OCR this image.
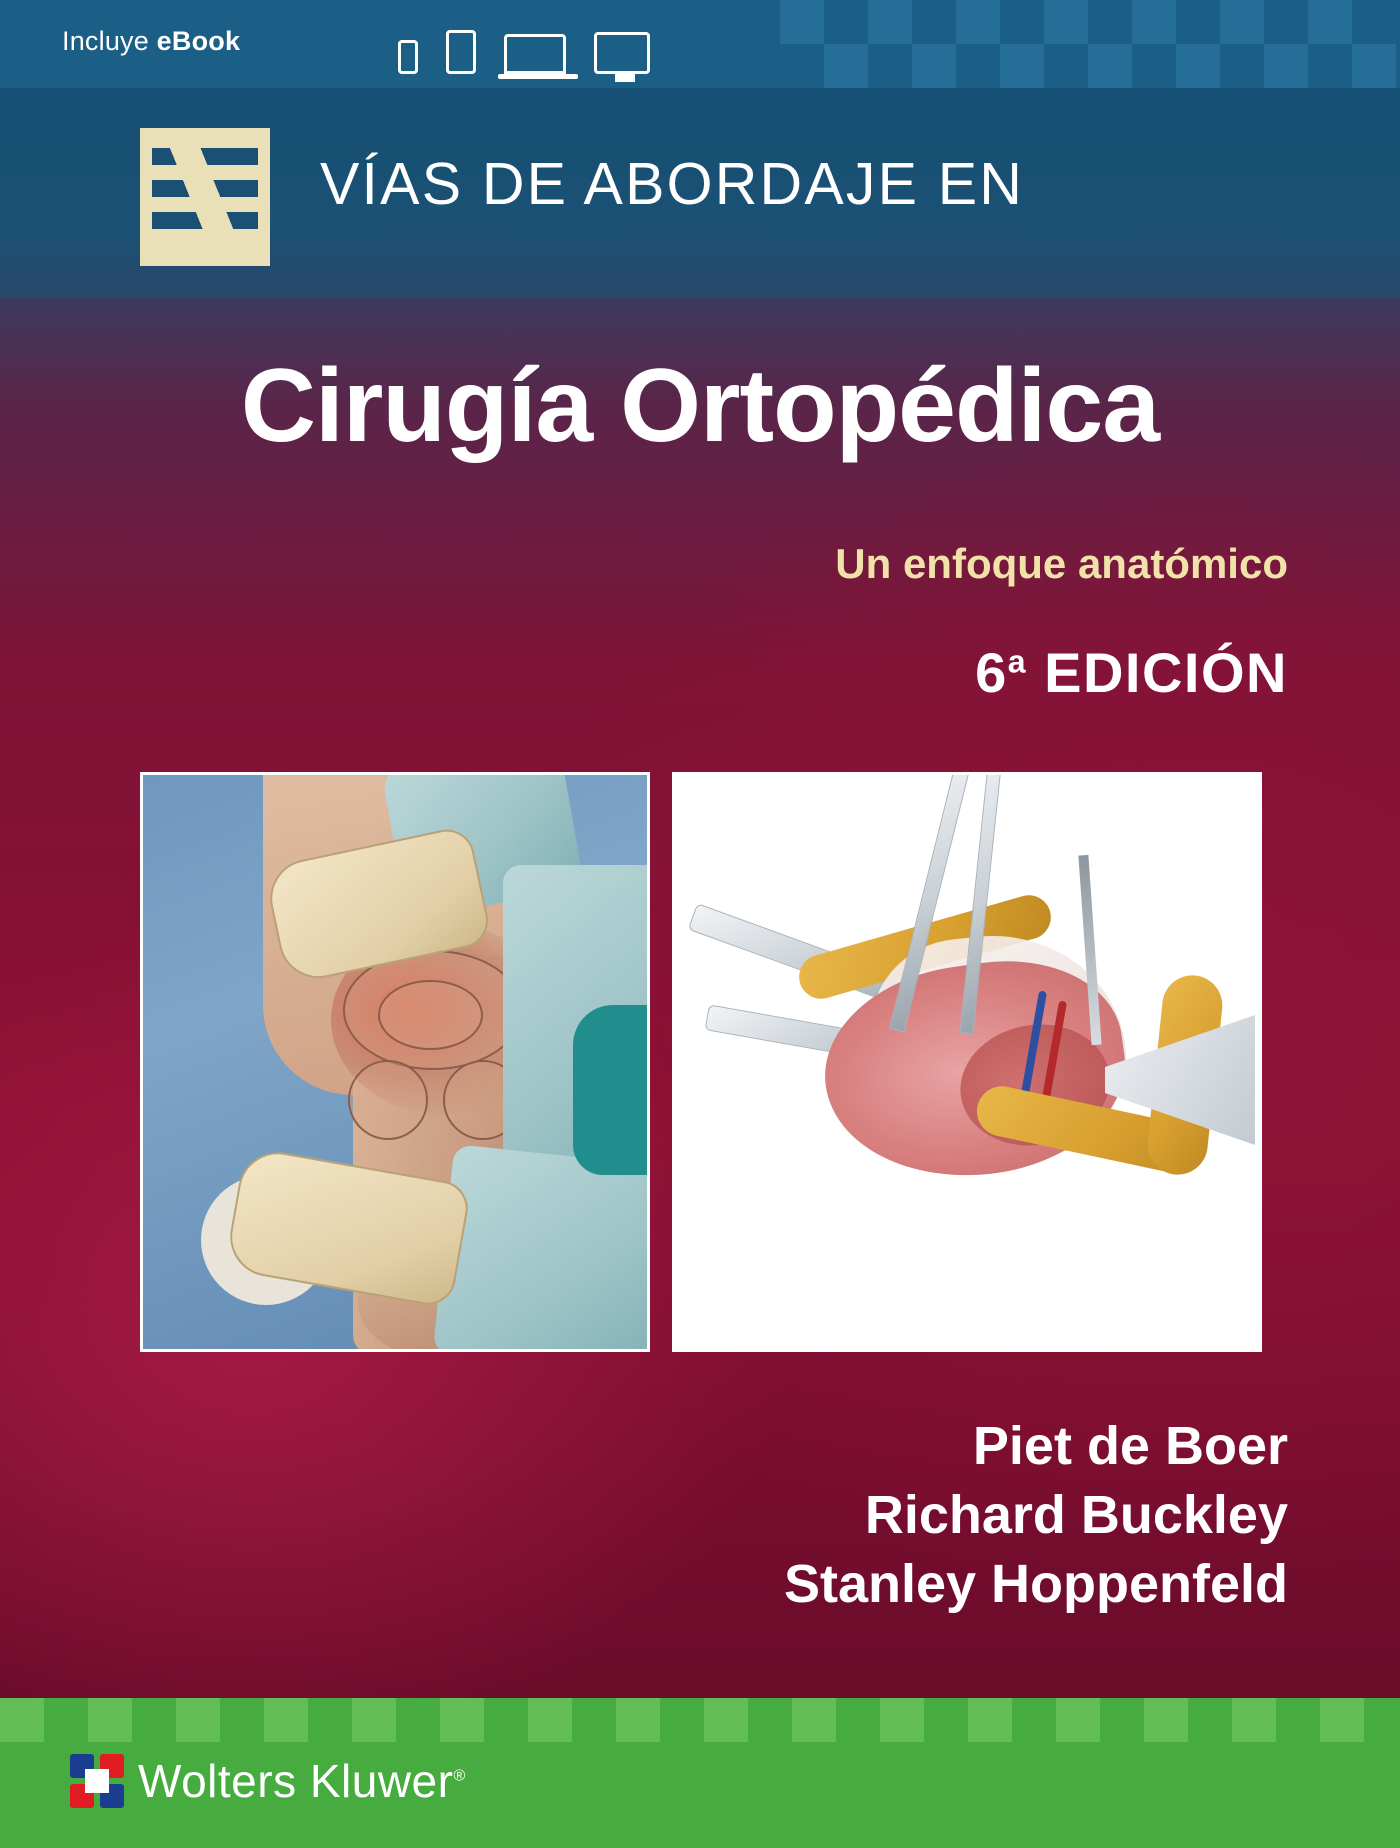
Incluye eBook
VÍAS DE ABORDAJE EN
Cirugía Ortopédica
Un enfoque anatómico
6$^a$ EDICIÓN
Piet de Boer
Richard Buckley
Stanley Hoppenfeld
Wolters Kluwer®
